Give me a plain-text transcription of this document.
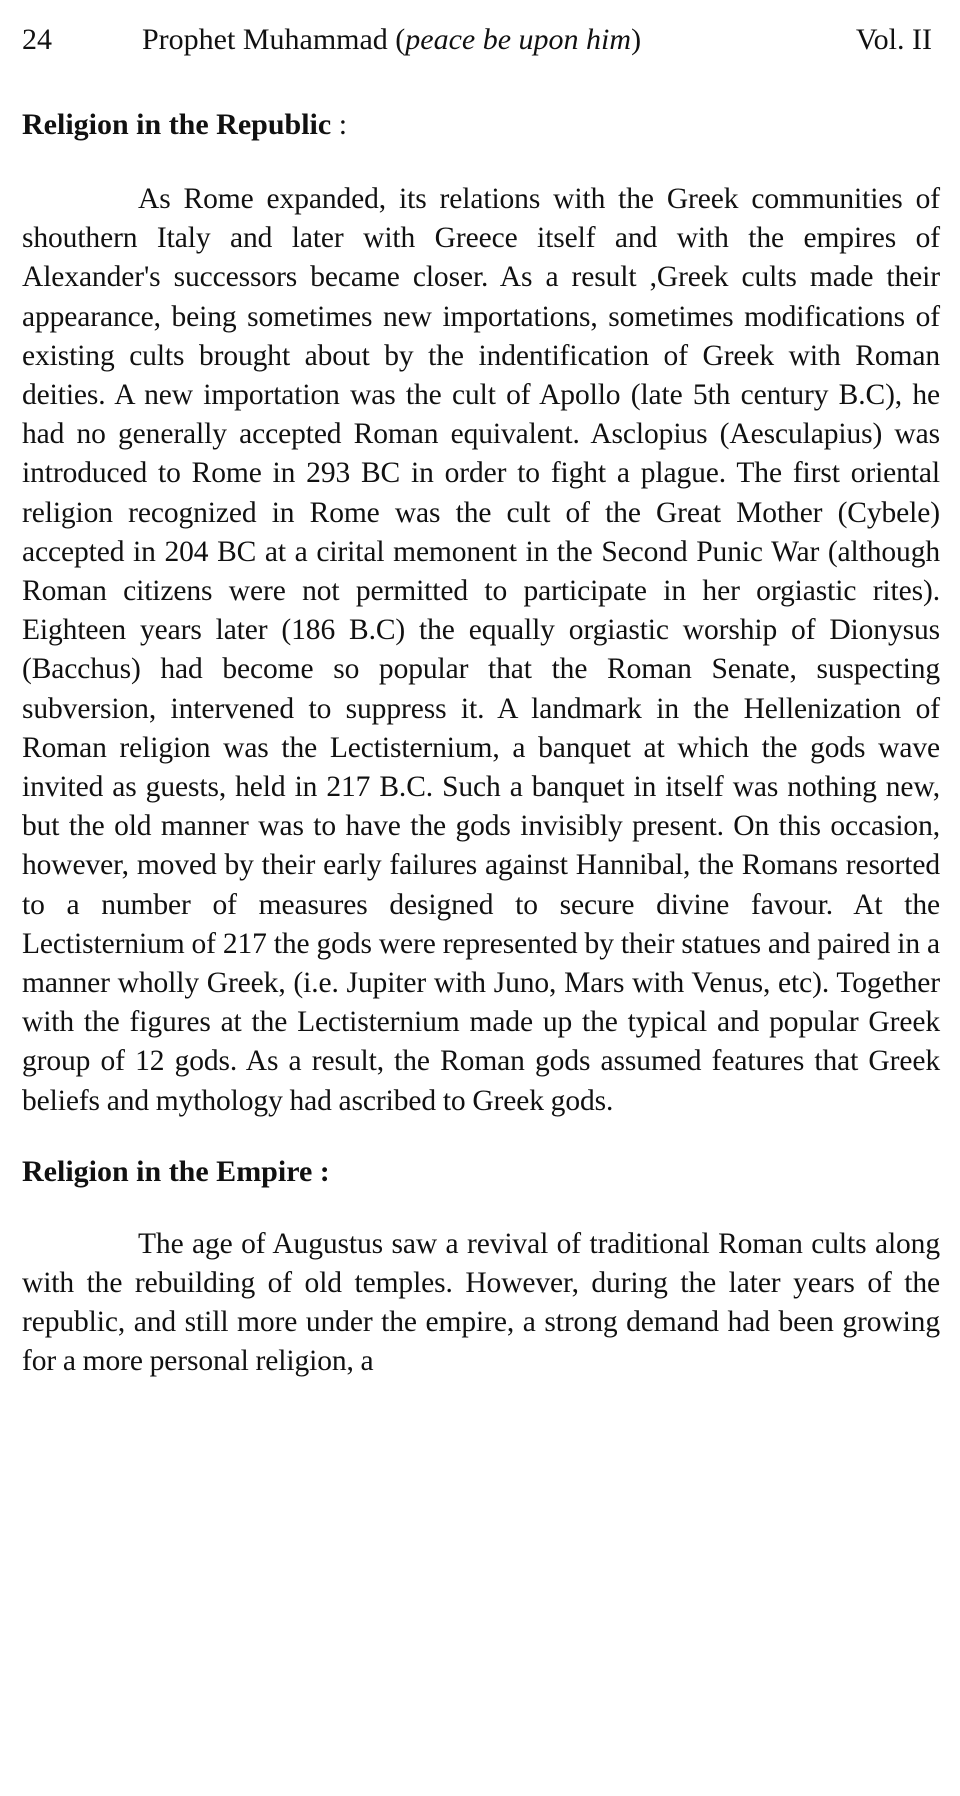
24	Prophet Muhammad (peace be upon him)	Vol. II
Religion in the Republic :

As Rome expanded, its relations with the Greek communities of shouthern Italy and later with Greece itself and with the empires of Alexander's successors became closer. As a result ,Greek cults made their appearance, being sometimes new importations, sometimes modifications of existing cults brought about by the indentification of Greek with Roman deities. A new importation was the cult of Apollo (late 5th century B.C), he had no generally accepted Roman equivalent. Asclopius (Aesculapius) was introduced to Rome in 293 BC in order to fight a plague. The first oriental religion recognized in Rome was the cult of the Great Mother (Cybele) accepted in 204 BC at a cirital memonent in the Second Punic War (although Roman citizens were not permitted to participate in her orgiastic rites). Eighteen years later (186 B.C) the equally orgiastic worship of Dionysus (Bacchus) had become so popular that the Roman Senate, suspecting subversion, intervened to suppress it. A landmark in the Hellenization of Roman religion was the Lectisternium, a banquet at which the gods wave invited as guests, held in 217 B.C. Such a banquet in itself was nothing new, but the old manner was to have the gods invisibly present. On this occasion, however, moved by their early failures against Hannibal, the Romans resorted to a number of measures designed to secure divine favour. At the Lectisternium of 217 the gods were represented by their statues and paired in a manner wholly Greek, (i.e. Jupiter with Juno, Mars with Venus, etc). Together with the figures at the Lectisternium made up the typical and popular Greek group of 12 gods. As a result, the Roman gods assumed features that Greek beliefs and mythology had ascribed to Greek gods.

Religion in the Empire :

The age of Augustus saw a revival of traditional Roman cults along with the rebuilding of old temples. However, during the later years of the republic, and still more under the empire, a strong demand had been growing for a more personal religion, a
